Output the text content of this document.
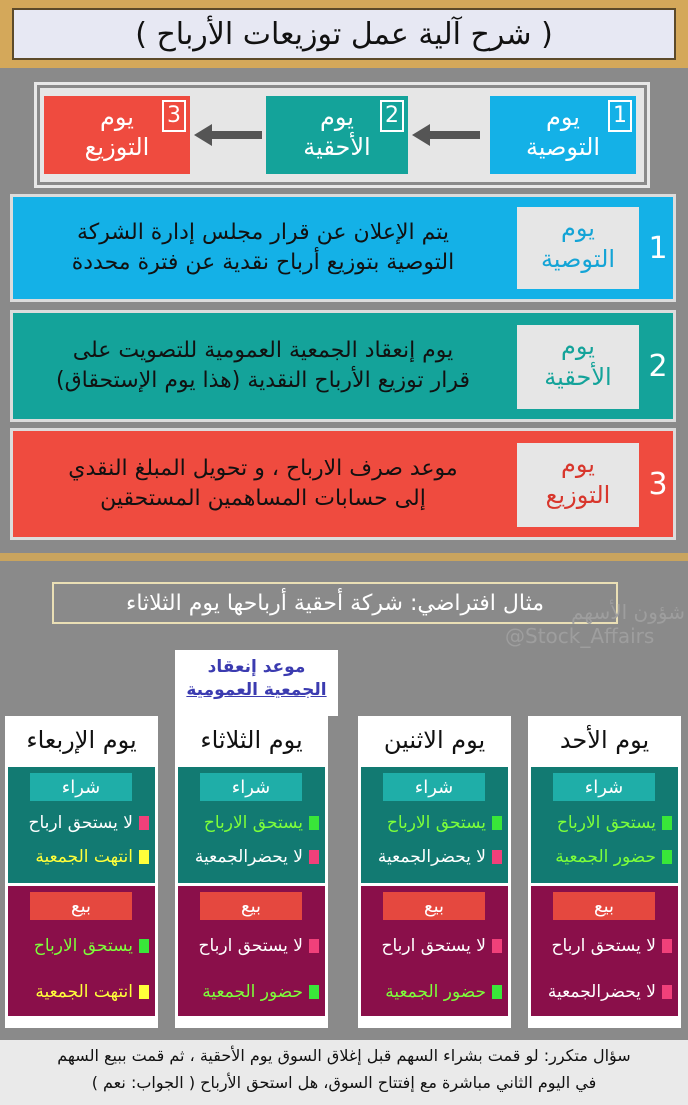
( شرح آلية عمل توزيعات الأرباح )
1
يوم
التوصية
2
يوم
الأحقية
3
يوم
التوزيع
1
يوم
التوصية
يتم الإعلان عن قرار مجلس إدارة الشركة
التوصية بتوزيع أرباح نقدية عن فترة محددة
2
يوم
الأحقية
يوم إنعقاد الجمعية العمومية للتصويت على
قرار توزيع الأرباح النقدية (هذا يوم الإستحقاق)
3
يوم
التوزيع
موعد صرف الارباح ، و تحويل المبلغ النقدي
إلى حسابات المساهمين المستحقين
مثال افتراضي: شركة أحقية أرباحها يوم الثلاثاء	شؤون الأسهم
@Stock_Affairs
موعد إنعقاد
الجمعية العمومية
يوم الأحد
شراء
يستحق الارباح
حضور الجمعية
بيع
لا يستحق ارباح
لا يحضرالجمعية
يوم الاثنين
شراء
يستحق الارباح
لا يحضرالجمعية
بيع
لا يستحق ارباح
حضور الجمعية
يوم الثلاثاء
شراء
يستحق الارباح
لا يحضرالجمعية
بيع
لا يستحق ارباح
حضور الجمعية
يوم الإربعاء
شراء
لا يستحق ارباح
انتهت الجمعية
بيع
يستحق الارباح
انتهت الجمعية
سؤال متكرر: لو قمت بشراء السهم قبل إغلاق السوق يوم الأحقية ، ثم قمت ببيع السهم
في اليوم الثاني مباشرة مع إفتتاح السوق، هل استحق الأرباح ( الجواب: نعم )
